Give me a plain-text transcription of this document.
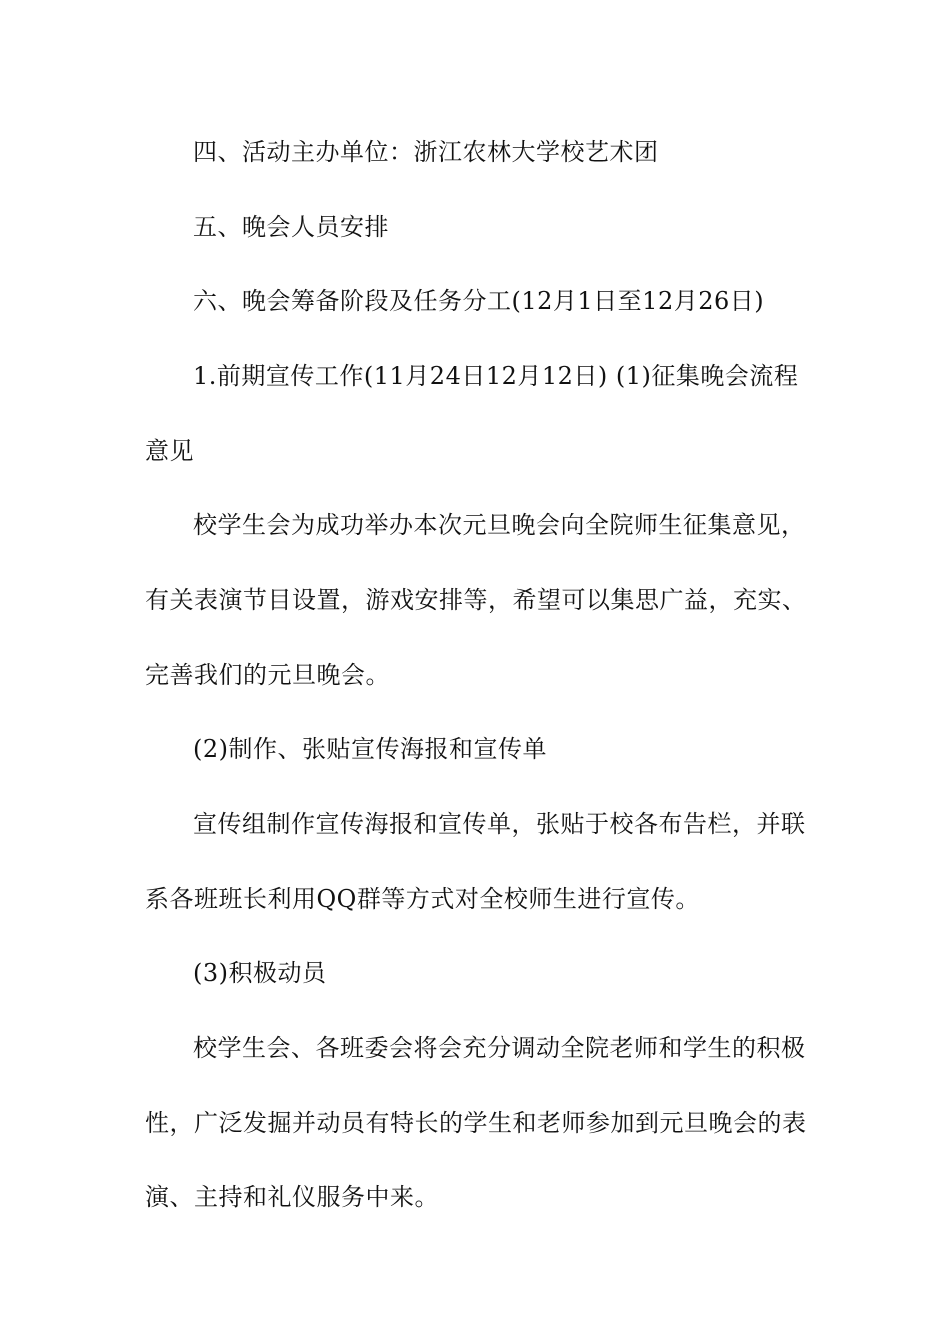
四、活动主办单位：浙江农林大学校艺术团
五、晚会人员安排
六、晚会筹备阶段及任务分工(12月1日至12月26日)
1.前期宣传工作(11月24日12月12日) (1)征集晚会流程
意见
校学生会为成功举办本次元旦晚会向全院师生征集意见，
有关表演节目设置，游戏安排等，希望可以集思广益，充实、
完善我们的元旦晚会。
(2)制作、张贴宣传海报和宣传单
宣传组制作宣传海报和宣传单，张贴于校各布告栏，并联
系各班班长利用QQ群等方式对全校师生进行宣传。
(3)积极动员
校学生会、各班委会将会充分调动全院老师和学生的积极
性，广泛发掘并动员有特长的学生和老师参加到元旦晚会的表
演、主持和礼仪服务中来。
